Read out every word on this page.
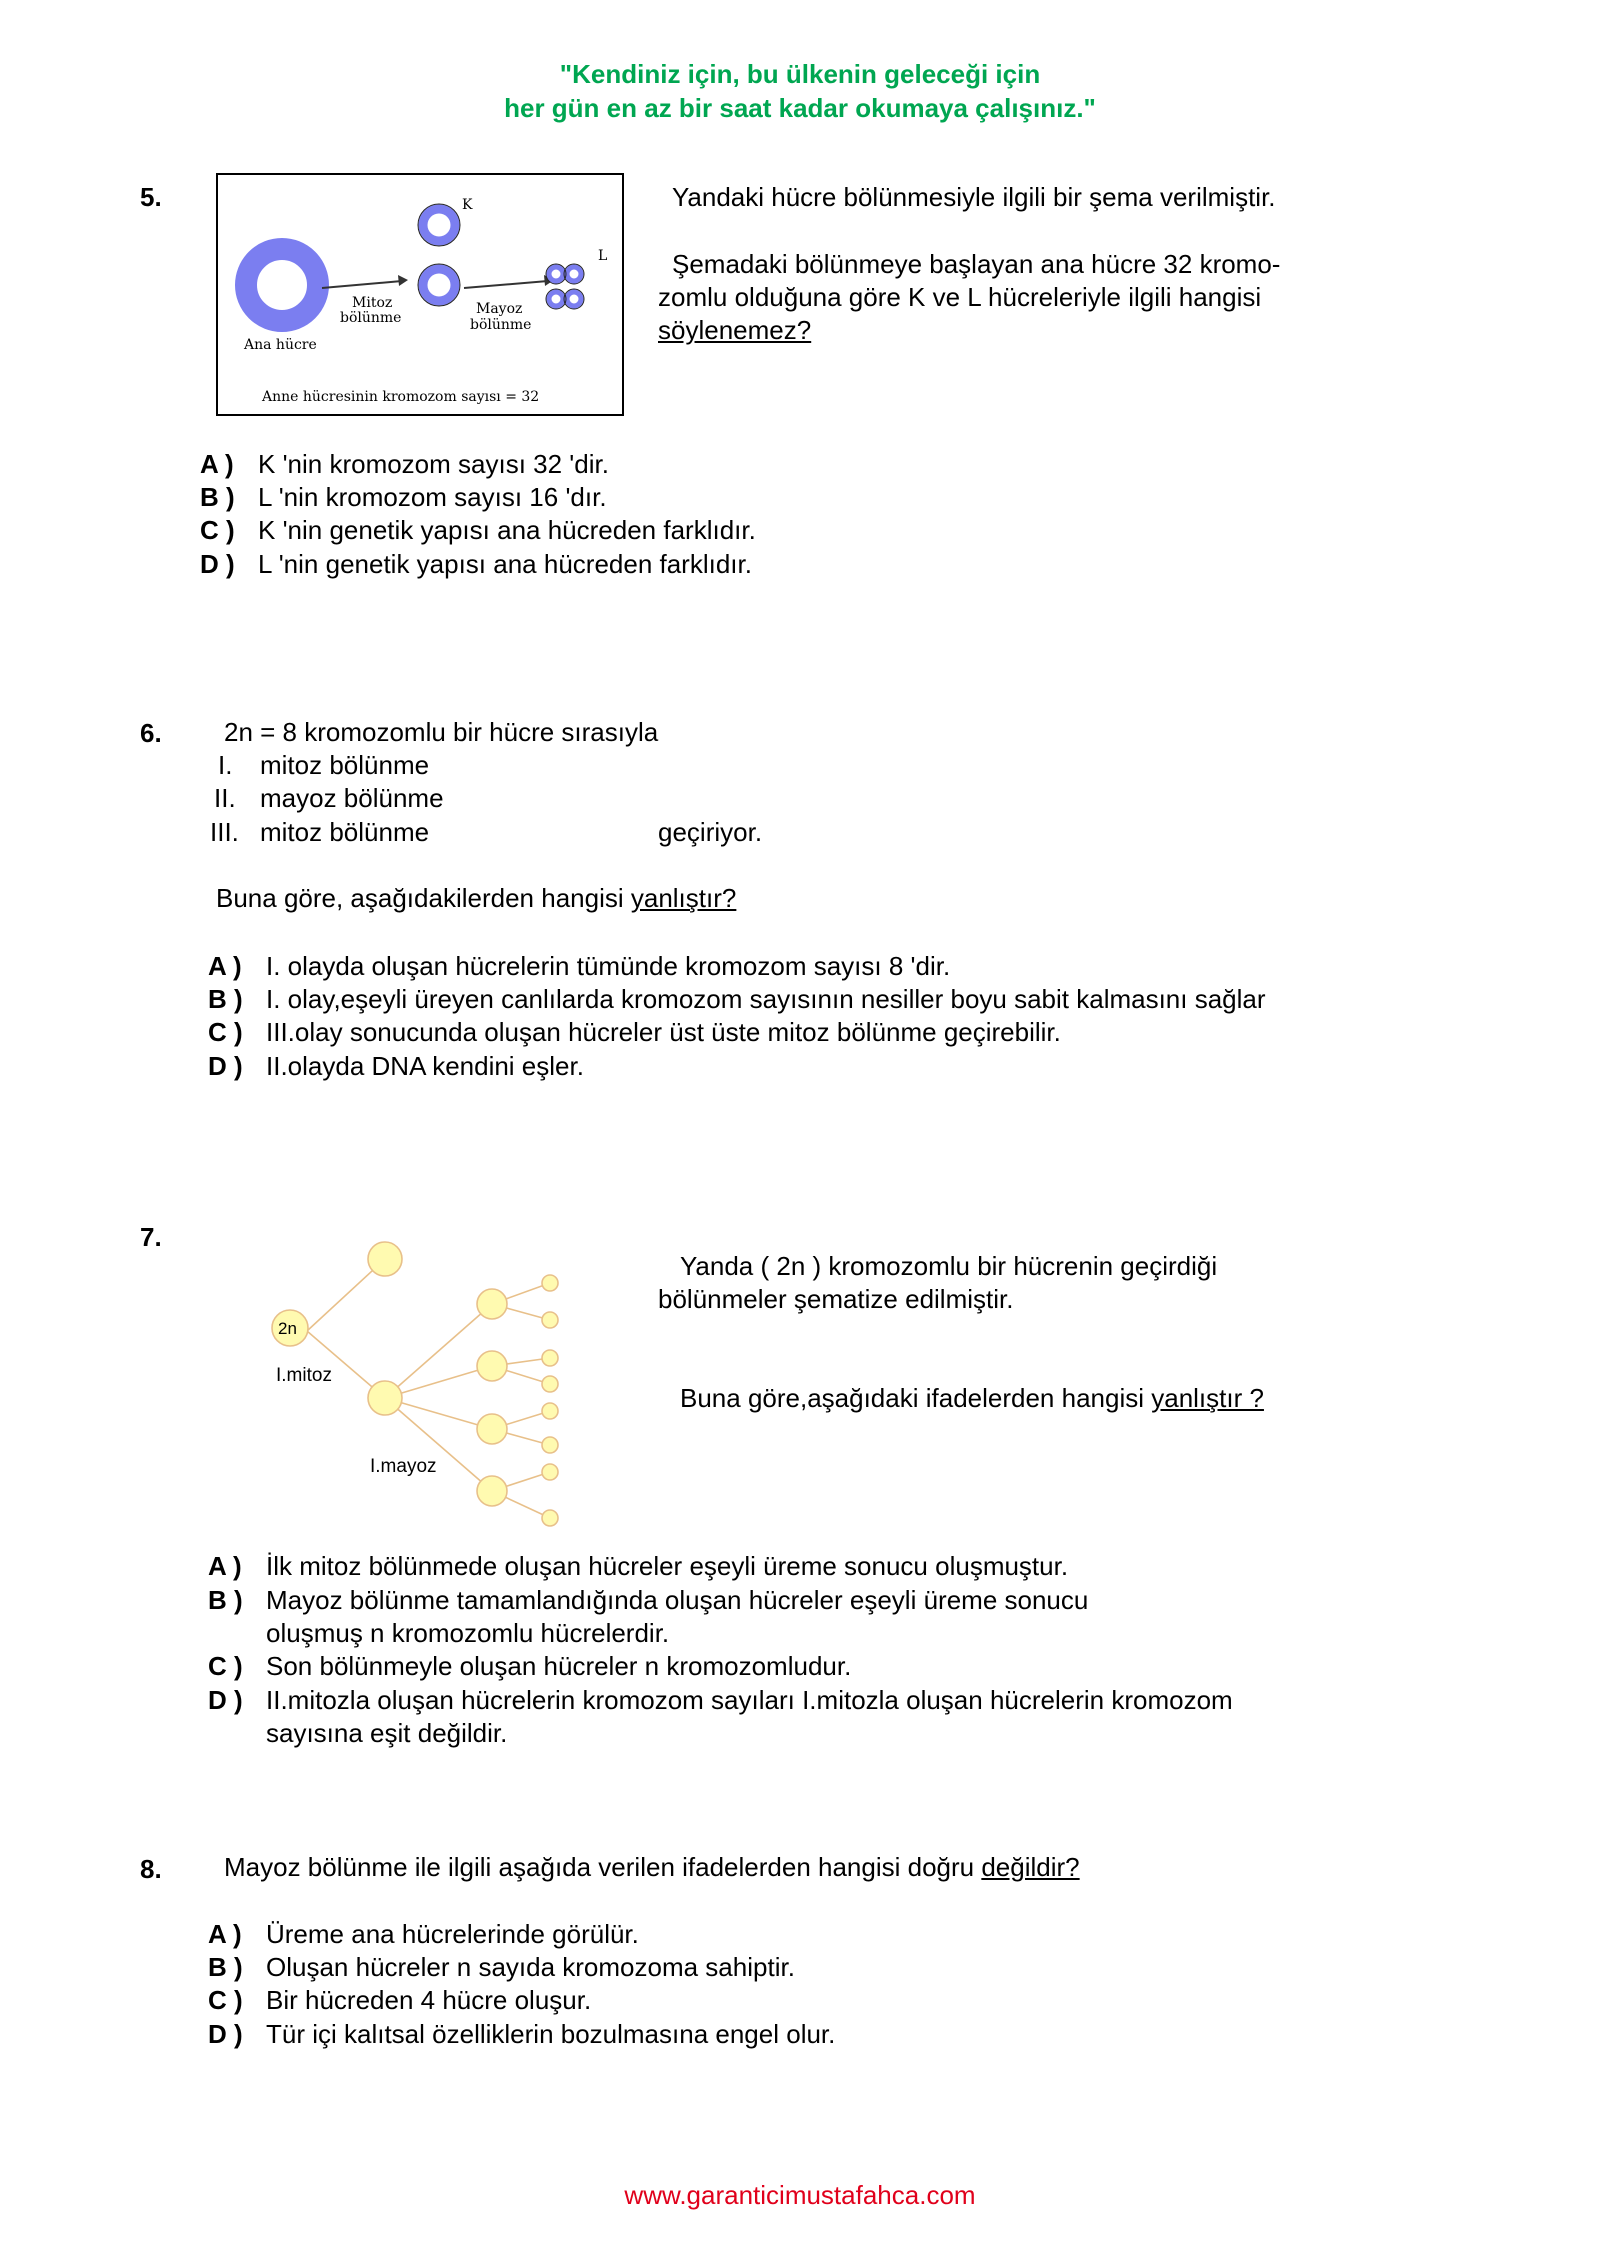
"Kendiniz için, bu ülkenin geleceği için
her gün en az bir saat kadar okumaya çalışınız."
5.	K
L
Mitoz
bölünme
Mayoz
bölünme
Ana hücre
Anne hücresinin kromozom sayısı = 32
Yandaki hücre bölünmesiyle ilgili bir şema verilmiştir.
Şemadaki bölünmeye başlayan ana hücre 32 kromo-
zomlu olduğuna göre K ve L hücreleriyle ilgili hangisi
söylenemez?
A ) K 'nin kromozom sayısı 32 'dir.
B ) L 'nin kromozom sayısı 16 'dır.
C ) K 'nin genetik yapısı ana hücreden farklıdır.
D ) L 'nin genetik yapısı ana hücreden farklıdır.
6. 2n = 8 kromozomlu bir hücre sırasıyla
I. mitoz bölünme
II. mayoz bölünme
III. mitoz bölünme	geçiriyor.
Buna göre, aşağıdakilerden hangisi yanlıştır?
A ) I. olayda oluşan hücrelerin tümünde kromozom sayısı 8 'dir.
B ) I. olay,eşeyli üreyen canlılarda kromozom sayısının nesiller boyu sabit kalmasını sağlar
C ) III.olay sonucunda oluşan hücreler üst üste mitoz bölünme geçirebilir.
D ) II.olayda DNA kendini eşler.
7.
2n
I.mitoz
I.mayoz
Yanda ( 2n ) kromozomlu bir hücrenin geçirdiği
bölünmeler şematize edilmiştir.
Buna göre,aşağıdaki ifadelerden hangisi yanlıştır ?
A ) İlk mitoz bölünmede oluşan hücreler eşeyli üreme sonucu oluşmuştur.
B ) Mayoz bölünme tamamlandığında oluşan hücreler eşeyli üreme sonucu
oluşmuş n kromozomlu hücrelerdir.
C ) Son bölünmeyle oluşan hücreler n kromozomludur.
D ) II.mitozla oluşan hücrelerin kromozom sayıları I.mitozla oluşan hücrelerin kromozom
sayısına eşit değildir.
8. Mayoz bölünme ile ilgili aşağıda verilen ifadelerden hangisi doğru değildir?
A ) Üreme ana hücrelerinde görülür.
B ) Oluşan hücreler n sayıda kromozoma sahiptir.
C ) Bir hücreden 4 hücre oluşur.
D ) Tür içi kalıtsal özelliklerin bozulmasına engel olur.
www.garanticimustafahca.com
